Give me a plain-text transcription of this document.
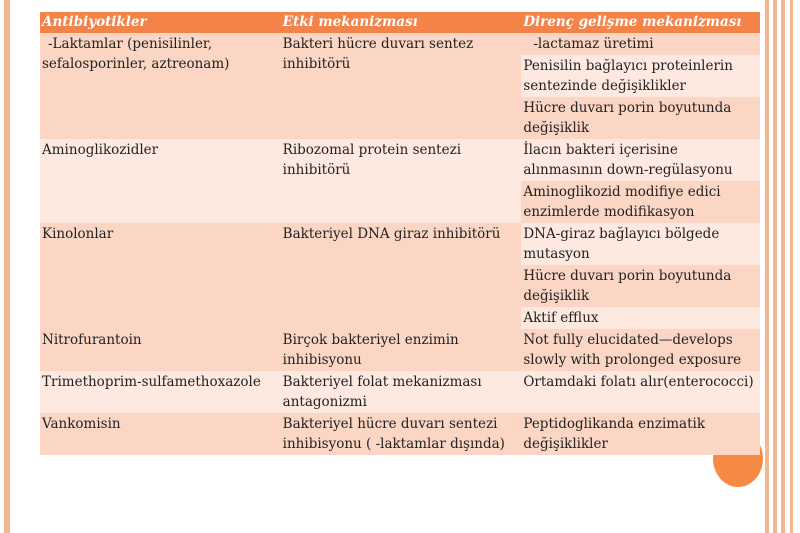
Antibiyotikler	Etki mekanizması	Direnç gelişme mekanizması
-Laktamlar (penisilinler, sefalosporinler, aztreonam)	Bakteri hücre duvarı sentez inhibitörü	-lactamaz üretimi
		Penisilin bağlayıcı proteinlerin sentezinde değişiklikler
		Hücre duvarı porin boyutunda değişiklik
Aminoglikozidler	Ribozomal protein sentezi inhibitörü	İlacın bakteri içerisine alınmasının down-regülasyonu
		Aminoglikozid modifiye edici enzimlerde modifikasyon
Kinolonlar	Bakteriyel DNA giraz inhibitörü	DNA-giraz bağlayıcı bölgede mutasyon
		Hücre duvarı porin boyutunda değişiklik
		Aktif efflux
Nitrofurantoin	Birçok bakteriyel enzimin inhibisyonu	Not fully elucidated—develops slowly with prolonged exposure
Trimethoprim-sulfamethoxazole	Bakteriyel folat mekanizması antagonizmi	Ortamdaki folatı alır(enterococci)
Vankomisin	Bakteriyel hücre duvarı sentezi inhibisyonu ( -laktamlar dışında)	Peptidoglikanda enzimatik değişiklikler
